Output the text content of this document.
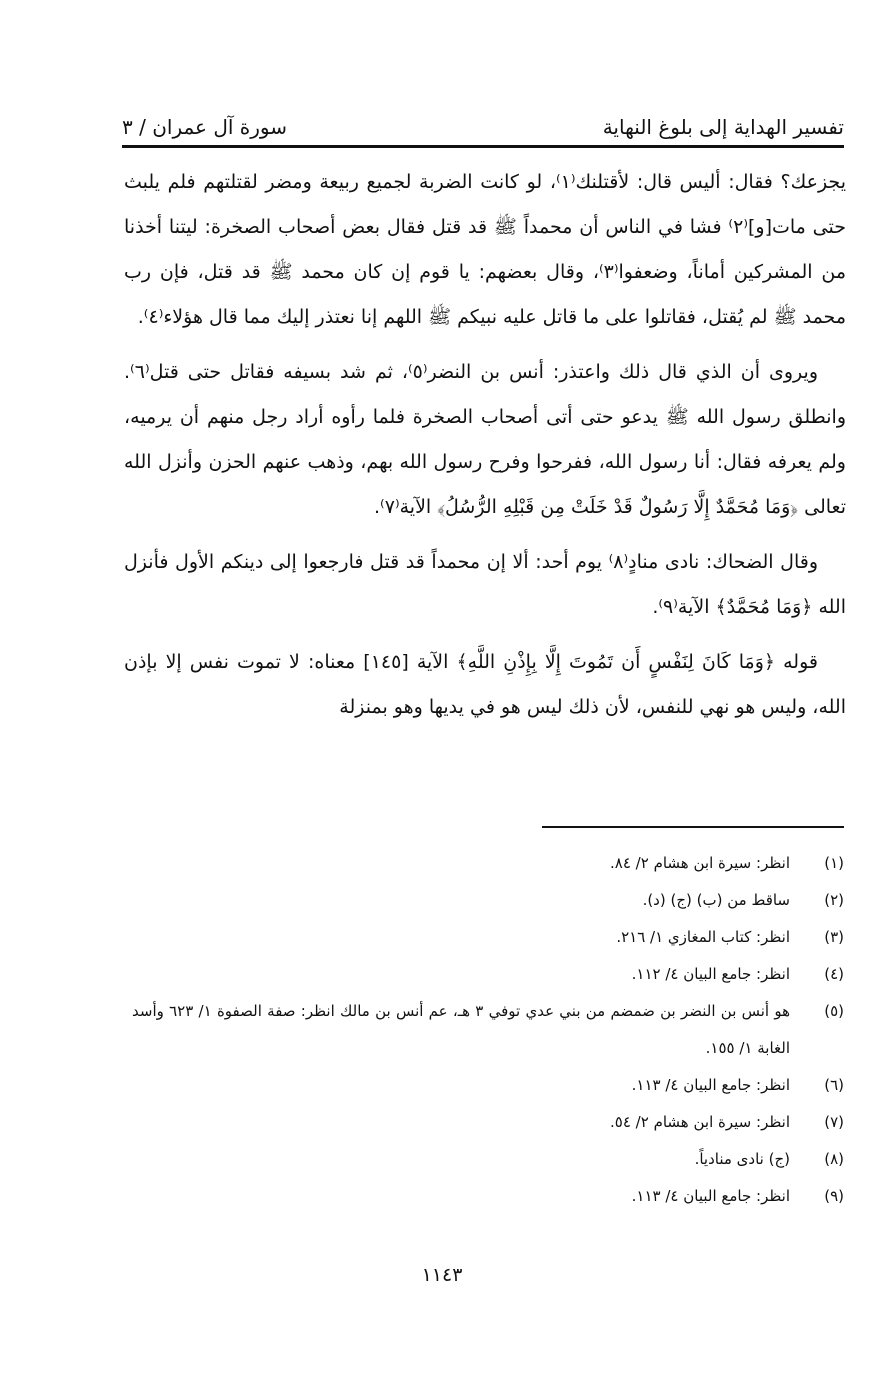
تفسير الهداية إلى بلوغ النهاية
سورة آل عمران / ٣

يجزعك؟ فقال: أليس قال: لأقتلنك⁽١⁾، لو كانت الضربة لجميع ربيعة ومضر لقتلتهم فلم يلبث حتى مات[و]⁽٢⁾ فشا في الناس أن محمداً ﷺ قد قتل فقال بعض أصحاب الصخرة: ليتنا أخذنا من المشركين أماناً، وضعفوا⁽٣⁾، وقال بعضهم: يا قوم إن كان محمد ﷺ قد قتل، فإن رب محمد ﷺ لم يُقتل، فقاتلوا على ما قاتل عليه نبيكم ﷺ اللهم إنا نعتذر إليك مما قال هؤلاء⁽٤⁾.

ويروى أن الذي قال ذلك واعتذر: أنس بن النضر⁽٥⁾، ثم شد بسيفه فقاتل حتى قتل⁽٦⁾. وانطلق رسول الله ﷺ يدعو حتى أتى أصحاب الصخرة فلما رأوه أراد رجل منهم أن يرميه، ولم يعرفه فقال: أنا رسول الله، ففرحوا وفرح رسول الله بهم، وذهب عنهم الحزن وأنزل الله تعالى ﴿وَمَا مُحَمَّدٌ إِلَّا رَسُولٌ قَدْ خَلَتْ مِن قَبْلِهِ الرُّسُلُ﴾ الآية⁽٧⁾.

وقال الضحاك: نادى منادٍ⁽٨⁾ يوم أحد: ألا إن محمداً قد قتل فارجعوا إلى دينكم الأول فأنزل الله ﴿وَمَا مُحَمَّدٌ﴾ الآية⁽٩⁾.

قوله ﴿وَمَا كَانَ لِنَفْسٍ أَن تَمُوتَ إِلَّا بِإِذْنِ اللَّهِ﴾ الآية [١٤٥] معناه: لا تموت نفس إلا بإذن الله، وليس هو نهي للنفس، لأن ذلك ليس هو في يديها وهو بمنزلة

(١)
انظر: سيرة ابن هشام ٢/ ٨٤.
(٢)
ساقط من (ب) (ج) (د).
(٣)
انظر: كتاب المغازي ١/ ٢١٦.
(٤)
انظر: جامع البيان ٤/ ١١٢.
(٥)
هو أنس بن النضر بن ضمضم من بني عدي توفي ٣ هـ، عم أنس بن مالك انظر: صفة الصفوة ١/ ٦٢٣ وأسد الغابة ١/ ١٥٥.
(٦)
انظر: جامع البيان ٤/ ١١٣.
(٧)
انظر: سيرة ابن هشام ٢/ ٥٤.
(٨)
(ج) نادى منادياً.
(٩)
انظر: جامع البيان ٤/ ١١٣.
١١٤٣
